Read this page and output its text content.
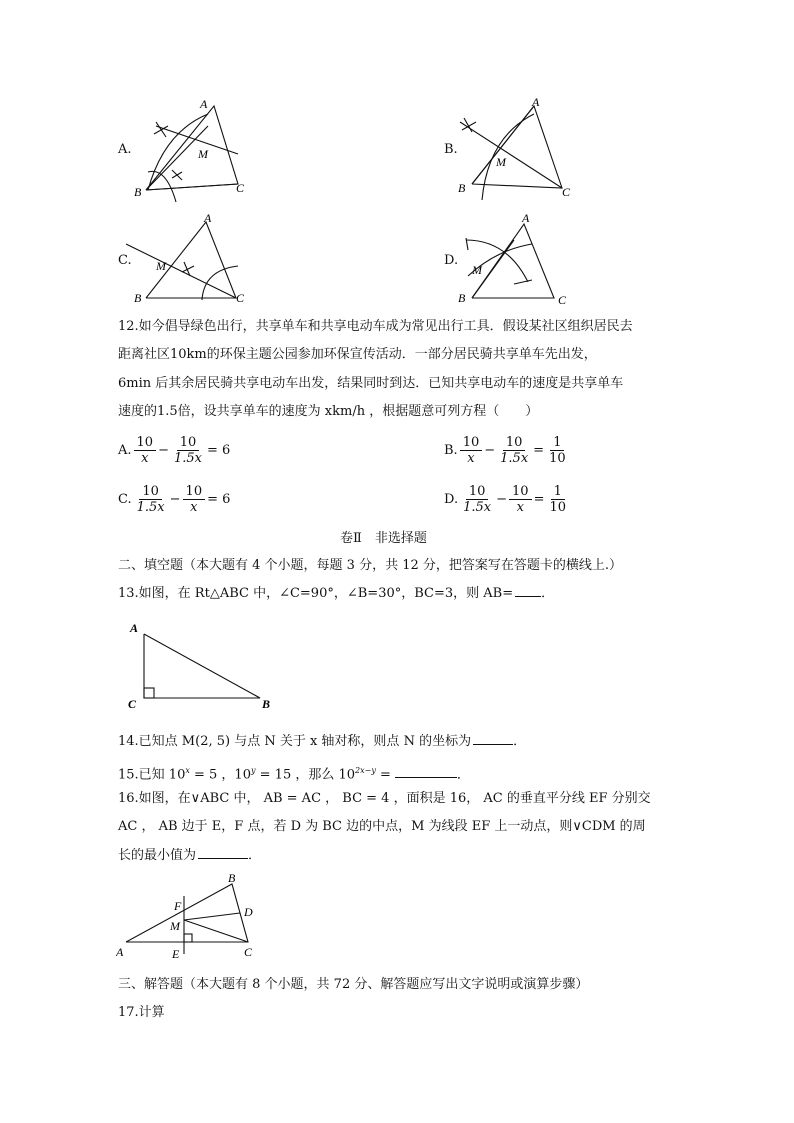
A.	B.
C.	D.
A
B	C
M
A
B	C
M
A
B	C
M
A
B	C
M
12.如今倡导绿色出行，共享单车和共享电动车成为常见出行工具．假设某社区组织居民去
距离社区10km的环保主题公园参加环保宣传活动．一部分居民骑共享单车先出发，
6min 后其余居民骑共享电动车出发，结果同时到达．已知共享电动车的速度是共享单车
速度的1.5倍，设共享单车的速度为 xkm/h ，根据题意可列方程（　　）
A. $\frac{10}{x} - \frac{10}{1.5x} = 6$	B. $\frac{10}{x} - \frac{10}{1.5x} = \frac{1}{10}$
C. $\frac{10}{1.5x} - \frac{10}{x} = 6$	D. $\frac{10}{1.5x} - \frac{10}{x} = \frac{1}{10}$
卷Ⅱ　非选择题
二、填空题（本大题有 4 个小题，每题 3 分，共 12 分，把答案写在答题卡的横线上.）
13.如图，在 Rt△ABC 中，∠C=90°，∠B=30°，BC=3，则 AB= ．
A
C	B
14.已知点 M(2, 5) 与点 N 关于 x 轴对称，则点 N 的坐标为	．
15.已知 $10^x = 5$ ，$10^y = 15$ ，那么 $10^{2x-y}$ =	．
16.如图，在∨ABC 中， AB = AC ， BC = 4 ，面积是 16， AC 的垂直平分线 EF 分别交
AC ， AB 边于 E，F 点，若 D 为 BC 边的中点，M 为线段 EF 上一动点，则∨CDM 的周
长的最小值为	．
A
B
C
D
E
F
M
三、解答题（本大题有 8 个小题，共 72 分、解答题应写出文字说明或演算步骤）
17.计算
